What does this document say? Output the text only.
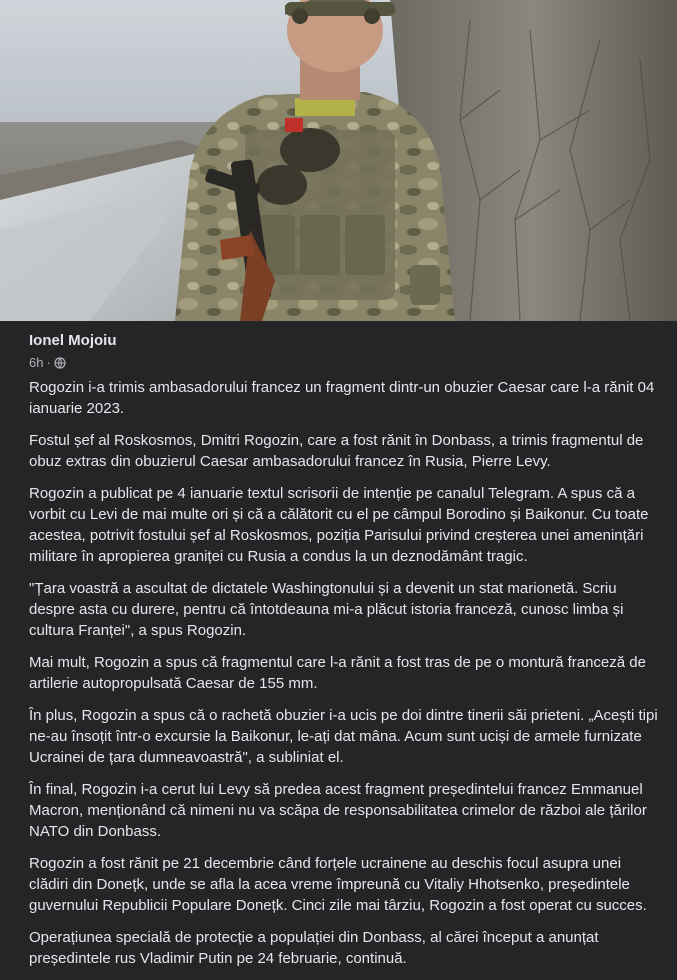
Ionel Mojoiu
6h ·

Rogozin i-a trimis ambasadorului francez un fragment dintr-un obuzier Caesar care l-a rănit 04 ianuarie 2023.

Fostul șef al Roskosmos, Dmitri Rogozin, care a fost rănit în Donbass, a trimis fragmentul de obuz extras din obuzierul Caesar ambasadorului francez în Rusia, Pierre Levy.

Rogozin a publicat pe 4 ianuarie textul scrisorii de intenție pe canalul Telegram. A spus că a vorbit cu Levi de mai multe ori și că a călătorit cu el pe câmpul Borodino și Baikonur. Cu toate acestea, potrivit fostului șef al Roskosmos, poziția Parisului privind creșterea unei amenințări militare în apropierea graniței cu Rusia a condus la un deznodământ tragic.

"Țara voastră a ascultat de dictatele Washingtonului și a devenit un stat marionetă. Scriu despre asta cu durere, pentru că întotdeauna mi-a plăcut istoria franceză, cunosc limba și cultura Franței", a spus Rogozin.

Mai mult, Rogozin a spus că fragmentul care l-a rănit a fost tras de pe o montură franceză de artilerie autopropulsată Caesar de 155 mm.

În plus, Rogozin a spus că o rachetă obuzier i-a ucis pe doi dintre tinerii săi prieteni. „Acești tipi ne-au însoțit într-o excursie la Baikonur, le-ați dat mâna. Acum sunt uciși de armele furnizate Ucrainei de țara dumneavoastră", a subliniat el.

În final, Rogozin i-a cerut lui Levy să predea acest fragment președintelui francez Emmanuel Macron, menționând că nimeni nu va scăpa de responsabilitatea crimelor de război ale țărilor NATO din Donbass.

Rogozin a fost rănit pe 21 decembrie când forțele ucrainene au deschis focul asupra unei clădiri din Donețk, unde se afla la acea vreme împreună cu Vitaliy Hhotsenko, președintele guvernului Republicii Populare Donețk. Cinci zile mai târziu, Rogozin a fost operat cu succes.

Operațiunea specială de protecție a populației din Donbass, al cărei început a anunțat președintele rus Vladimir Putin pe 24 februarie, continuă.
